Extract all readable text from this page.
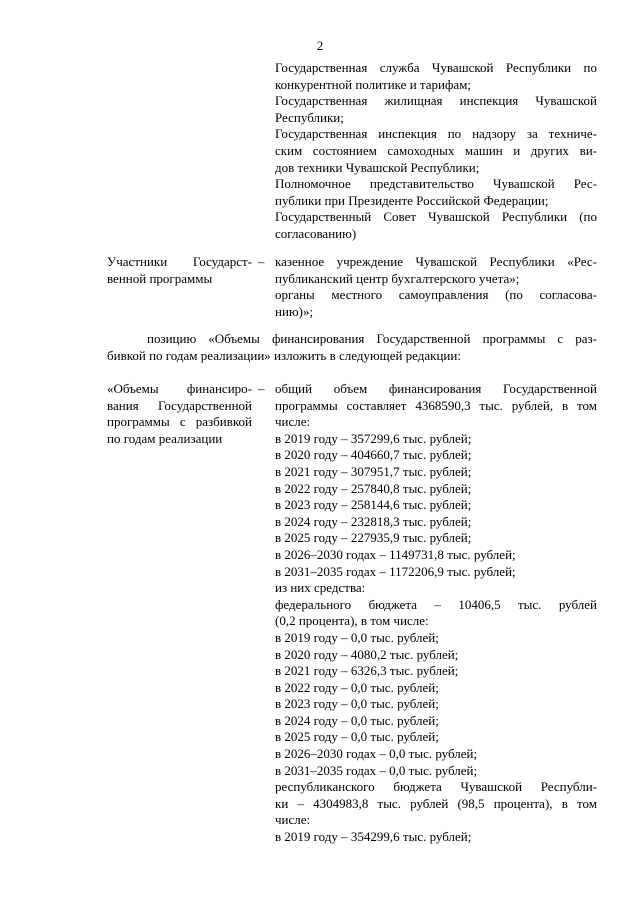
2
Государственная служба Чувашской Республики по
конкурентной политике и тарифам;
Государственная жилищная инспекция Чувашской
Республики;
Государственная инспекция по надзору за техниче-
ским состоянием самоходных машин и других ви-
дов техники Чувашской Республики;
Полномочное представительство Чувашской Рес-
публики при Президенте Российской Федерации;
Государственный Совет Чувашской Республики (по
согласованию)
Участники Государст-
венной программы
– казенное учреждение Чувашской Республики «Рес-
публиканский центр бухгалтерского учета»;
органы местного самоуправления (по согласова-
нию)»;
позицию «Объемы финансирования Государственной программы с раз-
бивкой по годам реализации» изложить в следующей редакции:
«Объемы финансиро-
вания Государственной
программы с разбивкой
по годам реализации
– общий объем финансирования Государственной
программы составляет 4368590,3 тыс. рублей, в том
числе:
в 2019 году – 357299,6 тыс. рублей;
в 2020 году – 404660,7 тыс. рублей;
в 2021 году – 307951,7 тыс. рублей;
в 2022 году – 257840,8 тыс. рублей;
в 2023 году – 258144,6 тыс. рублей;
в 2024 году – 232818,3 тыс. рублей;
в 2025 году – 227935,9 тыс. рублей;
в 2026–2030 годах – 1149731,8 тыс. рублей;
в 2031–2035 годах – 1172206,9 тыс. рублей;
из них средства:
федерального бюджета – 10406,5 тыс. рублей
(0,2 процента), в том числе:
в 2019 году – 0,0 тыс. рублей;
в 2020 году – 4080,2 тыс. рублей;
в 2021 году – 6326,3 тыс. рублей;
в 2022 году – 0,0 тыс. рублей;
в 2023 году – 0,0 тыс. рублей;
в 2024 году – 0,0 тыс. рублей;
в 2025 году – 0,0 тыс. рублей;
в 2026–2030 годах – 0,0 тыс. рублей;
в 2031–2035 годах – 0,0 тыс. рублей;
республиканского бюджета Чувашской Республи-
ки – 4304983,8 тыс. рублей (98,5 процента), в том
числе:
в 2019 году – 354299,6 тыс. рублей;
